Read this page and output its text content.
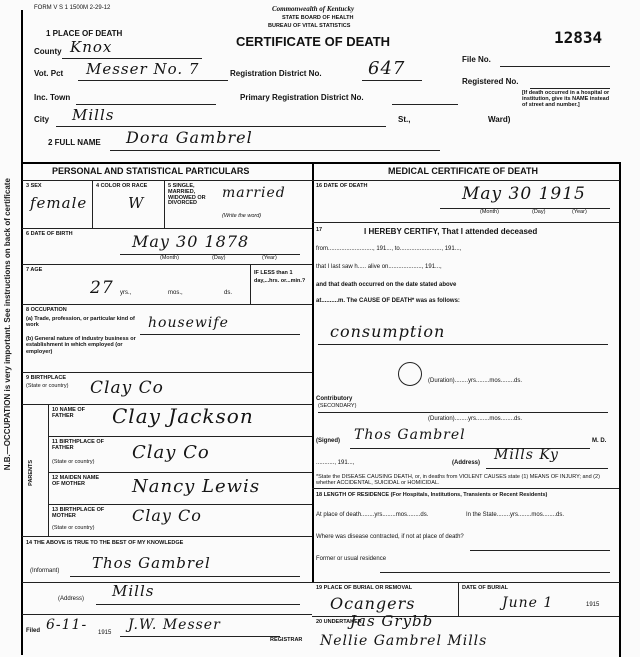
N.B.—OCCUPATION is very important. See instructions on back of certificate
FORM V S 1 1500M 2-29-12	Commonwealth of Kentucky
STATE BOARD OF HEALTH
BUREAU OF VITAL STATISTICS
CERTIFICATE OF DEATH
1 PLACE OF DEATH	12834
County Knox
File No.
Vot. Pct Messer No. 7	Registration District No.	647
Registered No.
Inc. Town	Primary Registration District No.	[If death occurred in a hospital or institution, give its NAME instead of street and number.]
City Mills	St.,	Ward)
2 FULL NAME Dora Gambrel
PERSONAL AND STATISTICAL PARTICULARS	MEDICAL CERTIFICATE OF DEATH
3 SEX
female
4 COLOR OR RACE
W
5 SINGLE, MARRIED, WIDOWED OR DIVORCED
married
(Write the word)
6 DATE OF BIRTH	May 30 1878
(Month)	(Day)	(Year)
7 AGE
27 yrs.,	mos.,	ds.
IF LESS than 1 day,...hrs. or...min.?
8 OCCUPATION
(a) Trade, profession, or particular kind of work
(b) General nature of industry business or establishment in which employed (or employer)
housewife
9 BIRTHPLACE
(State or country) Clay Co
PARENTS
10 NAME OF FATHER	Clay Jackson
11 BIRTHPLACE OF FATHER
(State or country) Clay Co
12 MAIDEN NAME OF MOTHER	Nancy Lewis
13 BIRTHPLACE OF MOTHER
(State or country)
Clay Co
14 THE ABOVE IS TRUE TO THE BEST OF MY KNOWLEDGE
(Informant) Thos Gambrel
(Address) Mills
Filed 6-11- 1915 J.W. Messer
REGISTRAR
16 DATE OF DEATH	May 30 1915
(Month)	(Day)	(Year)
17	I HEREBY CERTIFY, That I attended deceased
from..........................., 191..., to........................., 191...,
that I last saw h..... alive on...................., 191...,
and that death occurred on the date stated above
at..........m. The CAUSE OF DEATH* was as follows:
consumption
(Duration)........yrs........mos........ds.
Contributory
(SECONDARY)
(Duration)........yrs........mos........ds.
(Signed) Thos Gambrel	M. D.
..........., 191...,	(Address) Mills Ky
*State the DISEASE CAUSING DEATH, or, in deaths from VIOLENT CAUSES state (1) MEANS OF INJURY; and (2) whether ACCIDENTAL, SUICIDAL or HOMICIDAL.
18 LENGTH OF RESIDENCE (For Hospitals, Institutions, Transients or Recent Residents)
At place of death........yrs........mos........ds.	In the State........yrs........mos........ds.
Where was disease contracted, if not at place of death?
Former or usual residence
19 PLACE OF BURIAL OR REMOVAL
Ocangers
DATE OF BURIAL
June 1	1915
20 UNDERTAKER
Jas Grybb
Nellie Gambrel Mills
